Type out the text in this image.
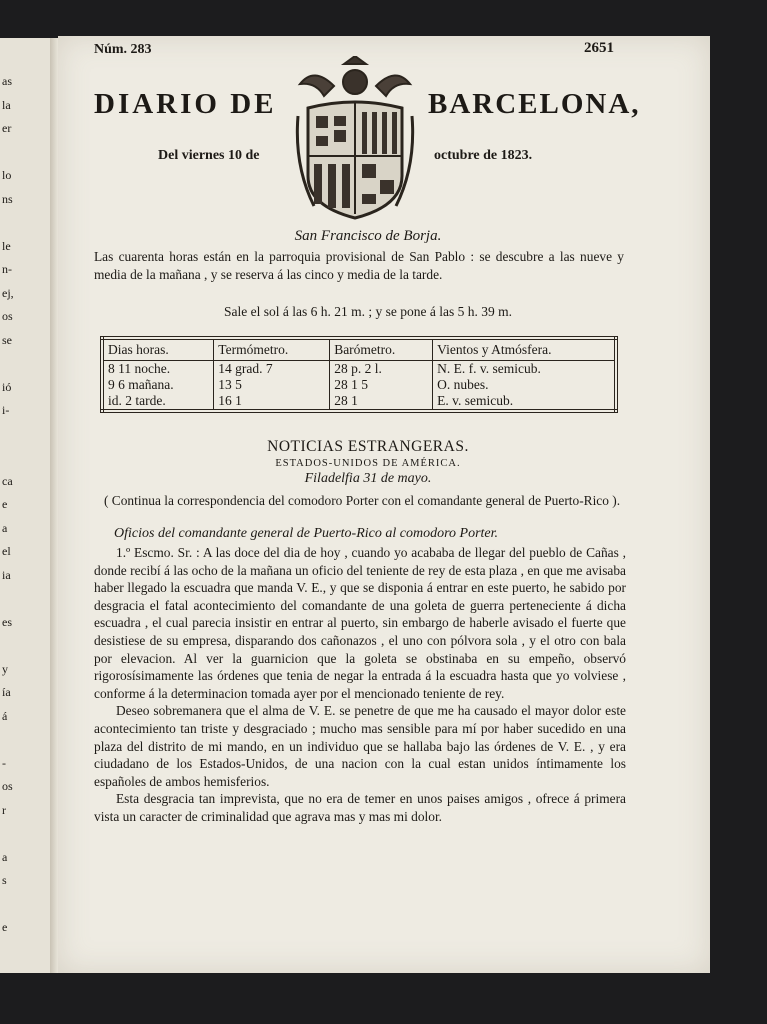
as
la
er
lo
ns
le
n-
ej,
os
se
ió
i-
ca
e
a
el
ia
es
y
ía
á
-
os
r
a
s
e
Núm. 283	2651
DIARIO DE	BARCELONA,
Del viernes 10 de	octubre de 1823.
San Francisco de Borja.
Las cuarenta horas están en la parroquia provisional de San Pablo : se descubre a las nueve y media de la mañana , y se reserva á las cinco y media de la tarde.
Sale el sol á las 6 h. 21 m. ; y se pone á las 5 h. 39 m.
Dias horas.	Termómetro.	Barómetro.	Vientos y Atmósfera.
8 11 noche.	14 grad. 7	28 p. 2 l.	N. E. f. v. semicub.
9 6 mañana.	13 5	28 1 5	O. nubes.
id. 2 tarde.	16 1	28 1	E. v. semicub.
NOTICIAS ESTRANGERAS.
ESTADOS-UNIDOS DE AMÉRICA.
Filadelfia 31 de mayo.
( Continua la correspondencia del comodoro Porter con el comandante general de Puerto-Rico ).
Oficios del comandante general de Puerto-Rico al comodoro Porter.

1.º Escmo. Sr. : A las doce del dia de hoy , cuando yo acababa de llegar del pueblo de Cañas , donde recibí á las ocho de la mañana un oficio del teniente de rey de esta plaza , en que me avisaba haber llegado la escuadra que manda V. E., y que se disponia á entrar en este puerto, he sabido por desgracia el fatal acontecimiento del comandante de una goleta de guerra perteneciente á dicha escuadra , el cual parecia insistir en entrar al puerto, sin embargo de haberle avisado el fuerte que desistiese de su empresa, disparando dos cañonazos , el uno con pólvora sola , y el otro con bala por elevacion. Al ver la guarnicion que la goleta se obstinaba en su empeño, observó rigorosísimamente las órdenes que tenia de negar la entrada á la escuadra hasta que yo volviese , conforme á la determinacion tomada ayer por el mencionado teniente de rey.

Deseo sobremanera que el alma de V. E. se penetre de que me ha causado el mayor dolor este acontecimiento tan triste y desgraciado ; mucho mas sensible para mí por haber sucedido en una plaza del distrito de mi mando, en un individuo que se hallaba bajo las órdenes de V. E. , y era ciudadano de los Estados-Unidos, de una nacion con la cual estan unidos íntimamente los españoles de ambos hemisferios.

Esta desgracia tan imprevista, que no era de temer en unos paises amigos , ofrece á primera vista un caracter de criminalidad que agrava mas y mas mi dolor.
